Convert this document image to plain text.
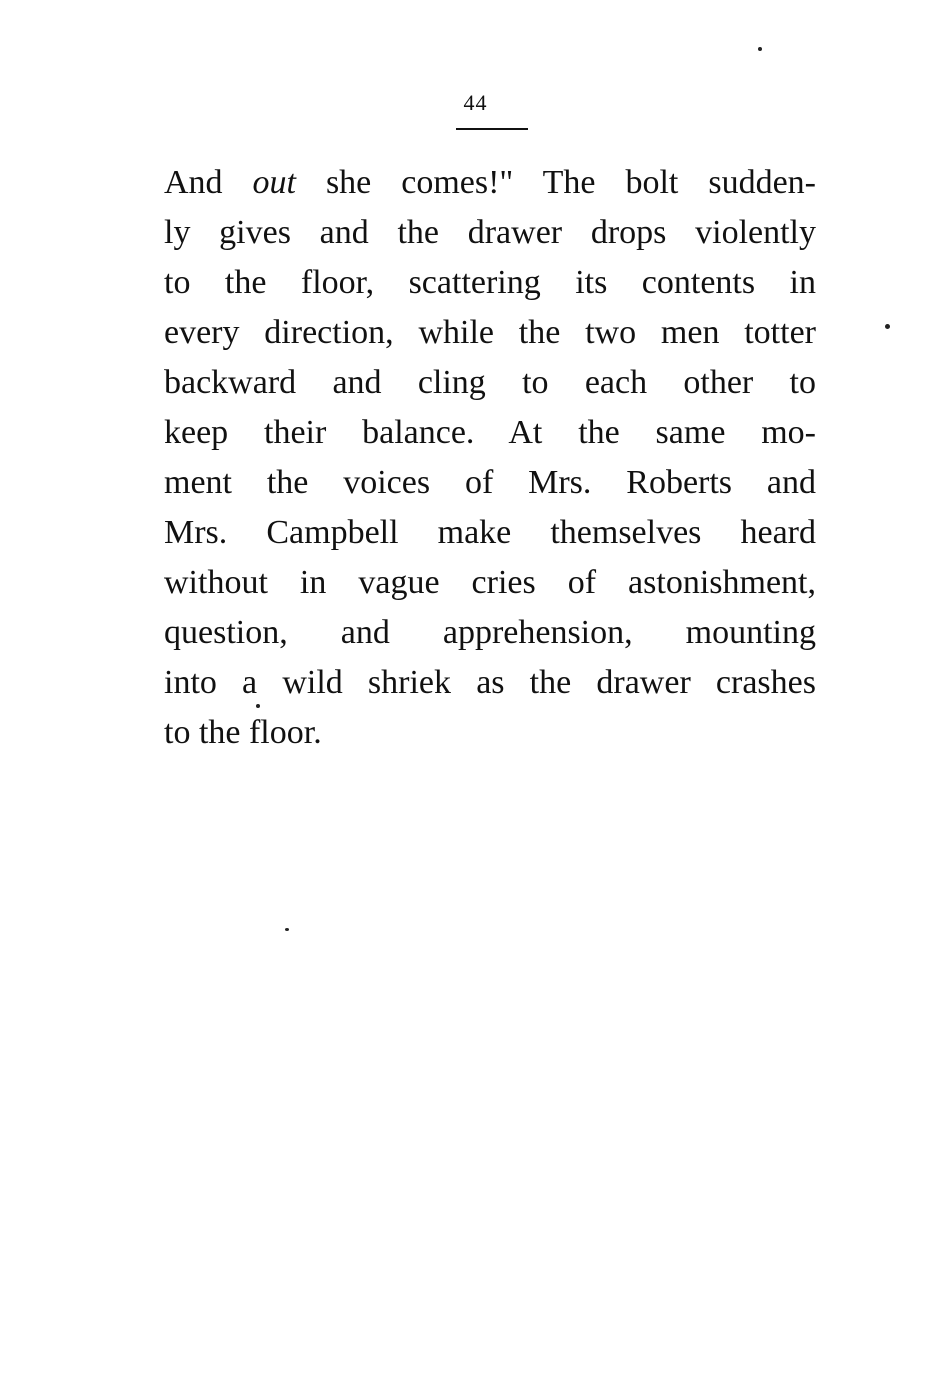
44
And out she comes!" The bolt sudden-
ly gives and the drawer drops violently
to the floor, scattering its contents in
every direction, while the two men totter
backward and cling to each other to
keep their balance. At the same mo-
ment the voices of Mrs. Roberts and
Mrs. Campbell make themselves heard
without in vague cries of astonishment,
question, and apprehension, mounting
into a wild shriek as the drawer crashes
to the floor.
